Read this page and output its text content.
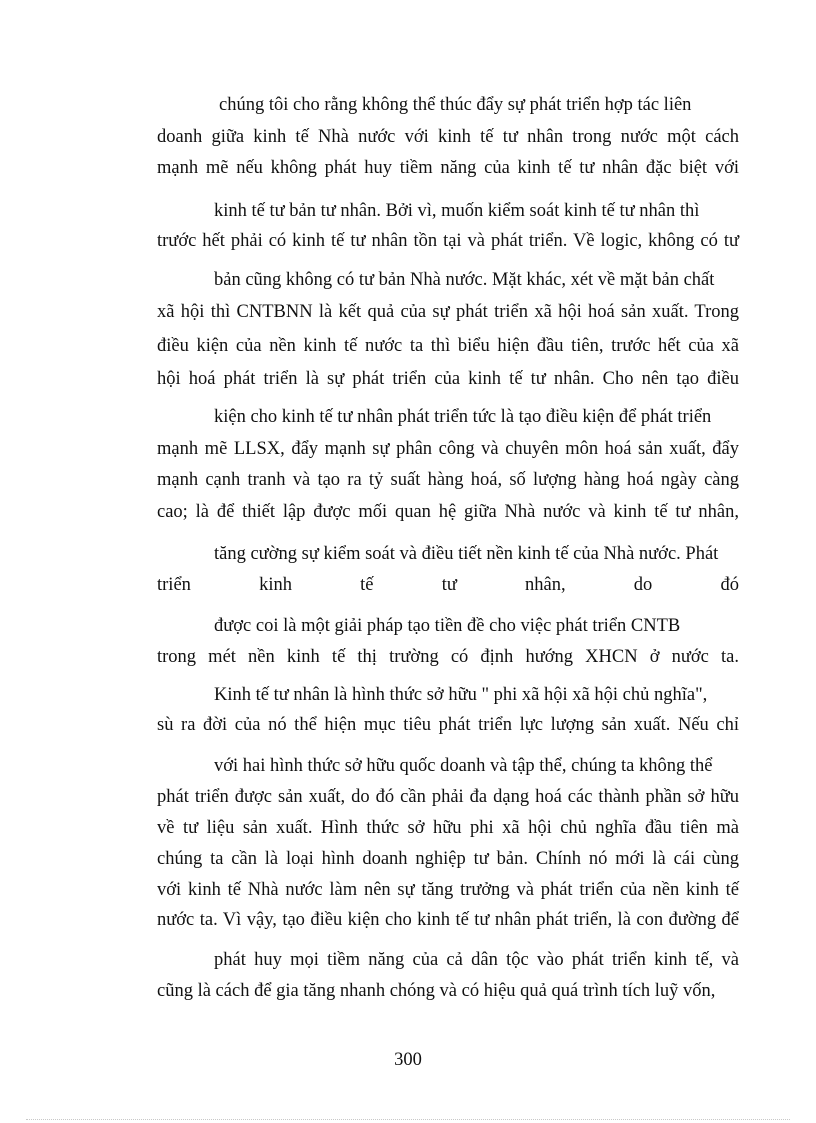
chúng tôi cho rằng không thể thúc đẩy sự phát triển hợp tác liên
doanh giữa kinh tế Nhà nước với kinh tế tư nhân trong nước một cách
mạnh mẽ nếu không phát huy tiềm năng của kinh tế tư nhân đặc biệt với
kinh tế tư bản tư nhân. Bởi vì, muốn kiểm soát kinh tế tư nhân thì
trước hết phải có kinh tế tư nhân tồn tại và phát triển. Về logic, không có tư
bản cũng không có tư bản Nhà nước. Mặt khác, xét về mặt bản chất
xã hội thì CNTBNN là kết quả của sự phát triển xã hội hoá sản xuất. Trong
điều kiện của nền kinh tế nước ta thì biểu hiện đầu tiên, trước hết của xã
hội hoá phát triển là sự phát triển của kinh tế tư nhân. Cho nên tạo điều
kiện cho kinh tế tư nhân phát triển tức là tạo điều kiện để phát triển
mạnh mẽ LLSX, đẩy mạnh sự phân công và chuyên môn hoá sản xuất, đẩy
mạnh cạnh tranh và tạo ra tỷ suất hàng hoá, số lượng hàng hoá ngày càng
cao; là để thiết lập được mối quan hệ giữa Nhà nước và kinh tế tư nhân,
tăng cường sự kiểm soát và điều tiết nền kinh tế của Nhà nước. Phát
triển kinh tế tư nhân, do đó
được coi là một giải pháp tạo tiền đề cho việc phát triển CNTB
trong mét nền kinh tế thị trường có định hướng XHCN ở nước ta.
Kinh tế tư nhân là hình thức sở hữu " phi xã hội xã hội chủ nghĩa",
sù ra đời của nó thể hiện mục tiêu phát triển lực lượng sản xuất. Nếu chỉ
với hai hình thức sở hữu quốc doanh và tập thể, chúng ta không thể
phát triển được sản xuất, do đó cần phải đa dạng hoá các thành phần sở hữu
về tư liệu sản xuất. Hình thức sở hữu phi xã hội chủ nghĩa đầu tiên mà
chúng ta cần là loại hình doanh nghiệp tư bản. Chính nó mới là cái cùng
với kinh tế Nhà nước làm nên sự tăng trưởng và phát triển của nền kinh tế
nước ta. Vì vậy, tạo điều kiện cho kinh tế tư nhân phát triển, là con đường để
phát huy mọi tiềm năng của cả dân tộc vào phát triển kinh tế, và
cũng là cách để gia tăng nhanh chóng và có hiệu quả quá trình tích luỹ vốn,
300
